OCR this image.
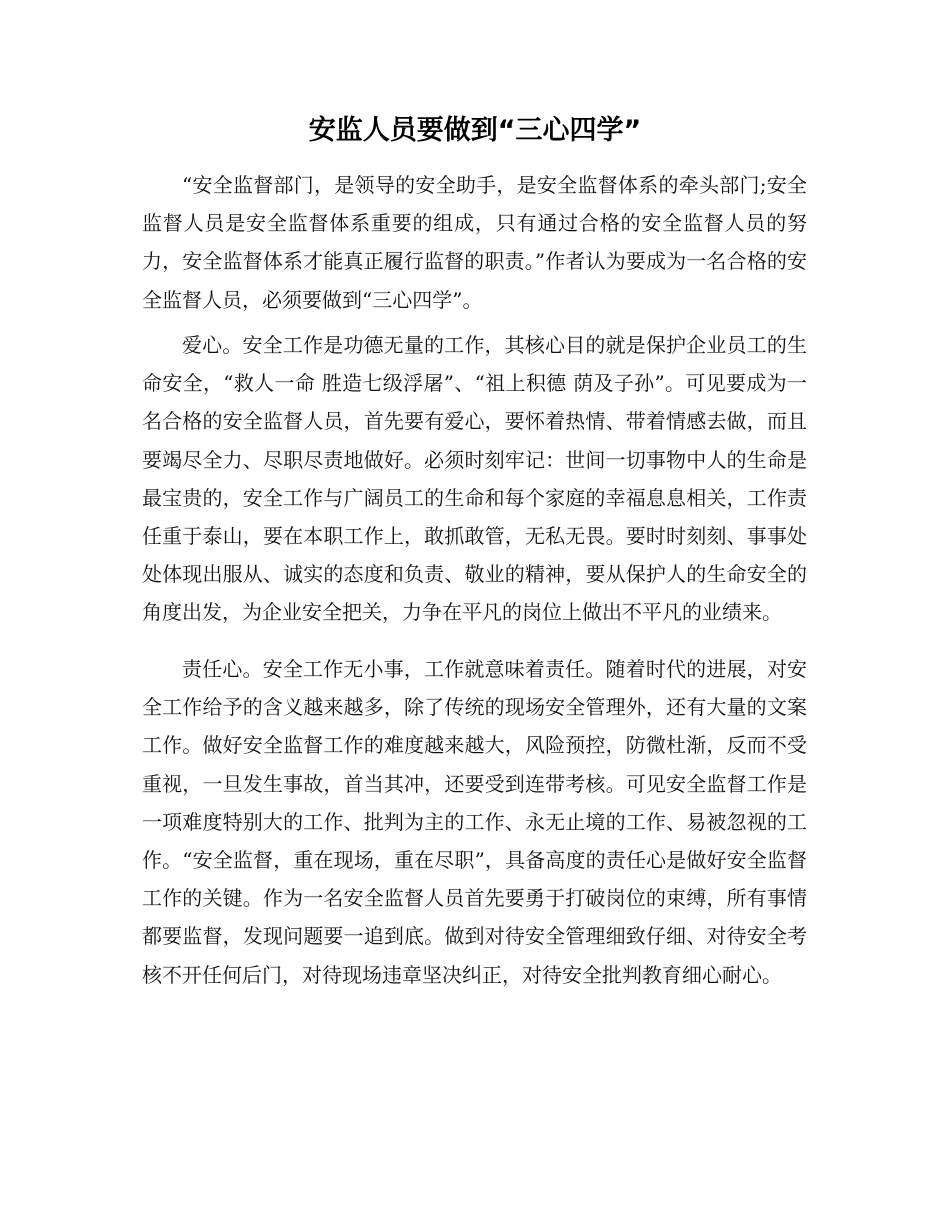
安监人员要做到“三心四学”

“安全监督部门，是领导的安全助手，是安全监督体系的牵头部门;安全监督人员是安全监督体系重要的组成，只有通过合格的安全监督人员的努力，安全监督体系才能真正履行监督的职责。”作者认为要成为一名合格的安全监督人员，必须要做到“三心四学”。

爱心。安全工作是功德无量的工作，其核心目的就是保护企业员工的生命安全，“救人一命 胜造七级浮屠”、“祖上积德 荫及子孙”。可见要成为一名合格的安全监督人员，首先要有爱心，要怀着热情、带着情感去做，而且要竭尽全力、尽职尽责地做好。必须时刻牢记：世间一切事物中人的生命是最宝贵的，安全工作与广阔员工的生命和每个家庭的幸福息息相关，工作责任重于泰山，要在本职工作上，敢抓敢管，无私无畏。要时时刻刻、事事处处体现出服从、诚实的态度和负责、敬业的精神，要从保护人的生命安全的角度出发，为企业安全把关，力争在平凡的岗位上做出不平凡的业绩来。

责任心。安全工作无小事，工作就意味着责任。随着时代的进展，对安全工作给予的含义越来越多，除了传统的现场安全管理外，还有大量的文案工作。做好安全监督工作的难度越来越大，风险预控，防微杜渐，反而不受重视，一旦发生事故，首当其冲，还要受到连带考核。可见安全监督工作是一项难度特别大的工作、批判为主的工作、永无止境的工作、易被忽视的工作。“安全监督，重在现场，重在尽职”，具备高度的责任心是做好安全监督工作的关键。作为一名安全监督人员首先要勇于打破岗位的束缚，所有事情都要监督，发现问题要一追到底。做到对待安全管理细致仔细、对待安全考核不开任何后门，对待现场违章坚决纠正，对待安全批判教育细心耐心。
